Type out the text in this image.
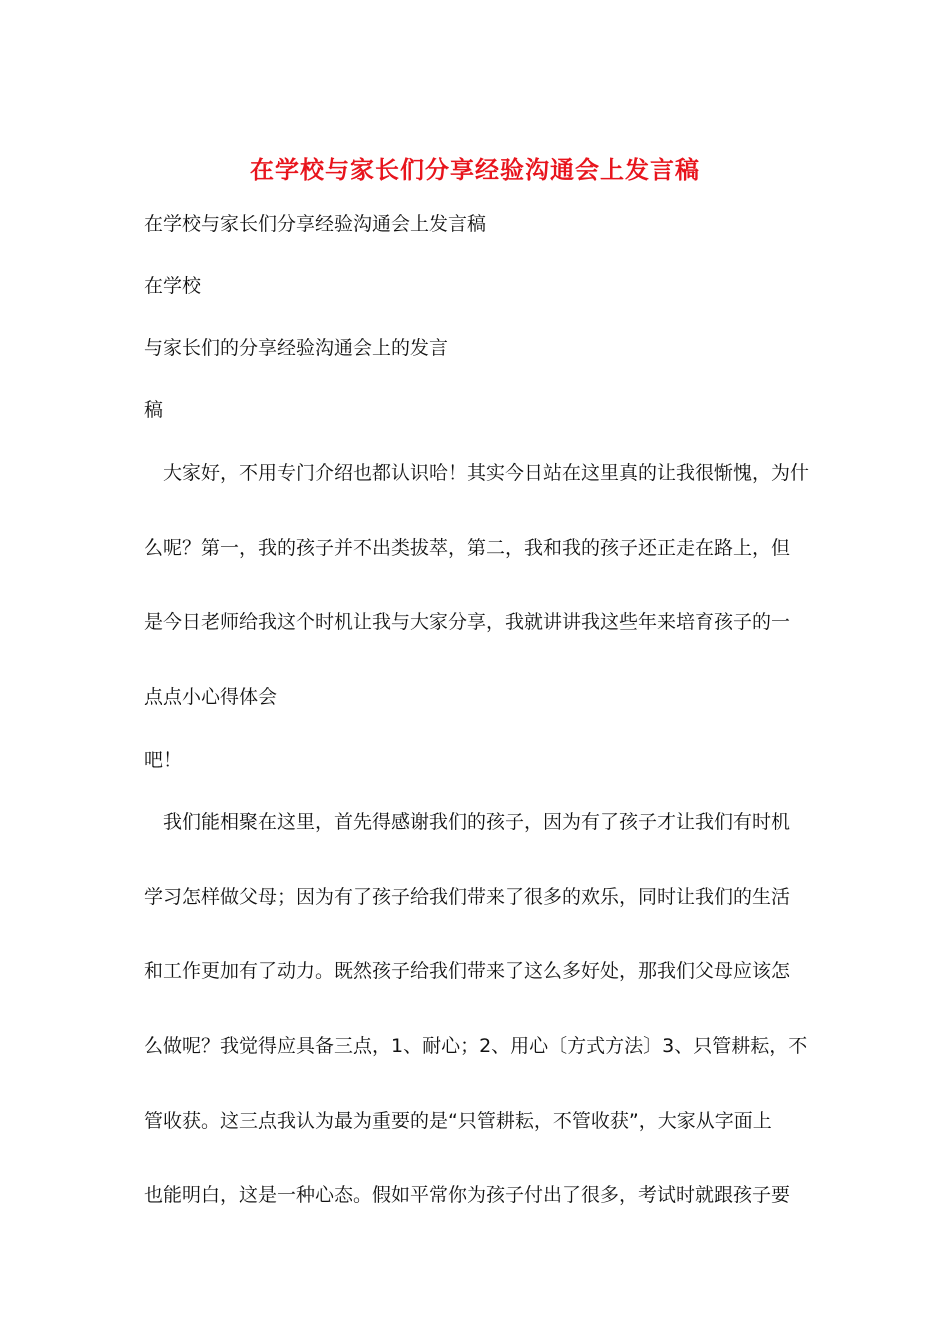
在学校与家长们分享经验沟通会上发言稿
在学校与家长们分享经验沟通会上发言稿
在学校
与家长们的分享经验沟通会上的发言
稿
　大家好，不用专门介绍也都认识哈！其实今日站在这里真的让我很惭愧，为什
么呢？第一，我的孩子并不出类拔萃，第二，我和我的孩子还正走在路上，但
是今日老师给我这个时机让我与大家分享，我就讲讲我这些年来培育孩子的一
点点小心得体会
吧！
　我们能相聚在这里，首先得感谢我们的孩子，因为有了孩子才让我们有时机
学习怎样做父母；因为有了孩子给我们带来了很多的欢乐，同时让我们的生活
和工作更加有了动力。既然孩子给我们带来了这么多好处，那我们父母应该怎
么做呢？我觉得应具备三点，1、耐心；2、用心〔方式方法〕3、只管耕耘，不
管收获。这三点我认为最为重要的是“只管耕耘，不管收获”，大家从字面上
也能明白，这是一种心态。假如平常你为孩子付出了很多，考试时就跟孩子要
